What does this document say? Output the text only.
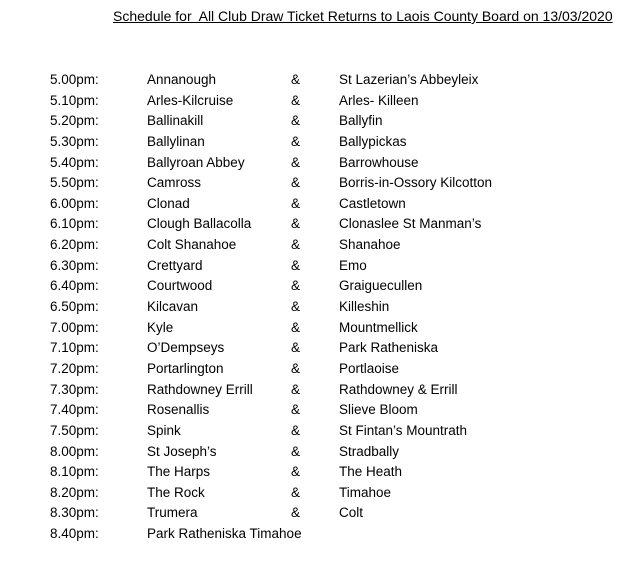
Schedule for  All Club Draw Ticket Returns to Laois County Board on 13/03/2020
5.00pm:	Annanough	&	St Lazerian’s Abbeyleix
5.10pm:	Arles-Kilcruise	&	Arles- Killeen
5.20pm:	Ballinakill	&	Ballyfin
5.30pm:	Ballylinan	&	Ballypickas
5.40pm:	Ballyroan Abbey	&	Barrowhouse
5.50pm:	Camross	&	Borris-in-Ossory Kilcotton
6.00pm:	Clonad	&	Castletown
6.10pm:	Clough Ballacolla	&	Clonaslee St Manman’s
6.20pm:	Colt Shanahoe	&	Shanahoe
6.30pm:	Crettyard	&	Emo
6.40pm:	Courtwood	&	Graiguecullen
6.50pm:	Kilcavan	&	Killeshin
7.00pm:	Kyle	&	Mountmellick
7.10pm:	O’Dempseys	&	Park Ratheniska
7.20pm:	Portarlington	&	Portlaoise
7.30pm:	Rathdowney Errill	&	Rathdowney & Errill
7.40pm:	Rosenallis	&	Slieve Bloom
7.50pm:	Spink	&	St Fintan’s Mountrath
8.00pm:	St Joseph’s	&	Stradbally
8.10pm:	The Harps	&	The Heath
8.20pm:	The Rock	&	Timahoe
8.30pm:	Trumera	&	Colt
8.40pm:	Park Ratheniska Timahoe
